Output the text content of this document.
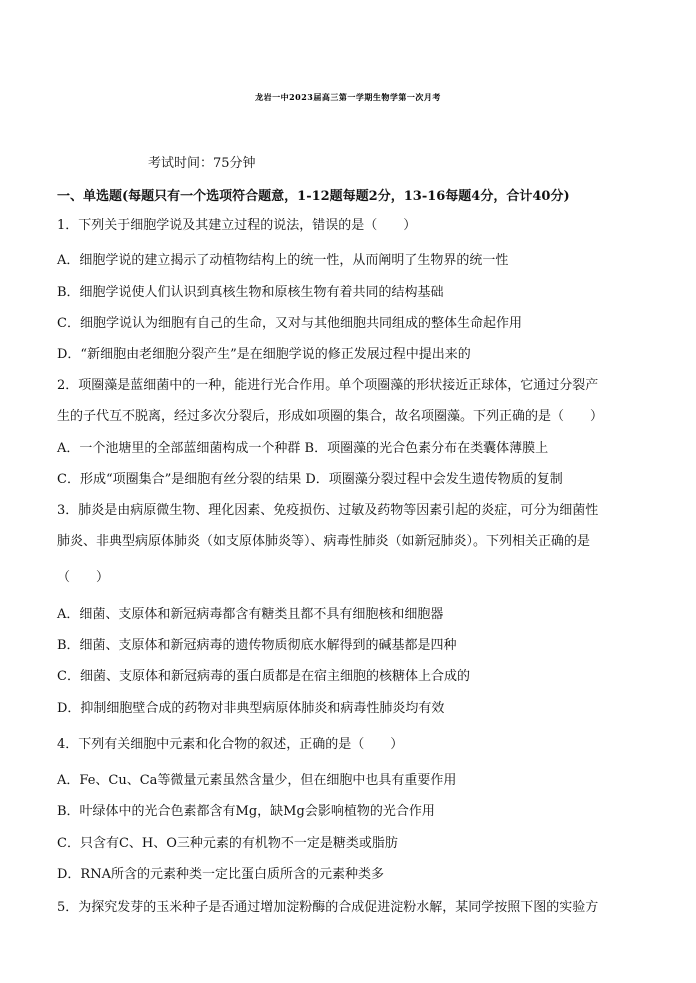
龙岩一中2023届高三第一学期生物学第一次月考
考试时间：75分钟
一、单选题(每题只有一个选项符合题意，1-12题每题2分，13-16每题4分，合计40分)
1．下列关于细胞学说及其建立过程的说法，错误的是（　　）
A．细胞学说的建立揭示了动植物结构上的统一性，从而阐明了生物界的统一性
B．细胞学说使人们认识到真核生物和原核生物有着共同的结构基础
C．细胞学说认为细胞有自己的生命，又对与其他细胞共同组成的整体生命起作用
D．“新细胞由老细胞分裂产生”是在细胞学说的修正发展过程中提出来的
2．项圈藻是蓝细菌中的一种，能进行光合作用。单个项圈藻的形状接近正球体，它通过分裂产
生的子代互不脱离，经过多次分裂后，形成如项圈的集合，故名项圈藻。下列正确的是（　　）
A．一个池塘里的全部蓝细菌构成一个种群 B．项圈藻的光合色素分布在类囊体薄膜上
C．形成“项圈集合”是细胞有丝分裂的结果 D．项圈藻分裂过程中会发生遗传物质的复制
3．肺炎是由病原微生物、理化因素、免疫损伤、过敏及药物等因素引起的炎症，可分为细菌性
肺炎、非典型病原体肺炎（如支原体肺炎等）、病毒性肺炎（如新冠肺炎）。下列相关正确的是
（　　）
A．细菌、支原体和新冠病毒都含有糖类且都不具有细胞核和细胞器
B．细菌、支原体和新冠病毒的遗传物质彻底水解得到的碱基都是四种
C．细菌、支原体和新冠病毒的蛋白质都是在宿主细胞的核糖体上合成的
D．抑制细胞壁合成的药物对非典型病原体肺炎和病毒性肺炎均有效
4．下列有关细胞中元素和化合物的叙述，正确的是（　　）
A．Fe、Cu、Ca等微量元素虽然含量少，但在细胞中也具有重要作用
B．叶绿体中的光合色素都含有Mg，缺Mg会影响植物的光合作用
C．只含有C、H、O三种元素的有机物不一定是糖类或脂肪
D．RNA所含的元素种类一定比蛋白质所含的元素种类多
5．为探究发芽的玉米种子是否通过增加淀粉酶的合成促进淀粉水解，某同学按照下图的实验方
